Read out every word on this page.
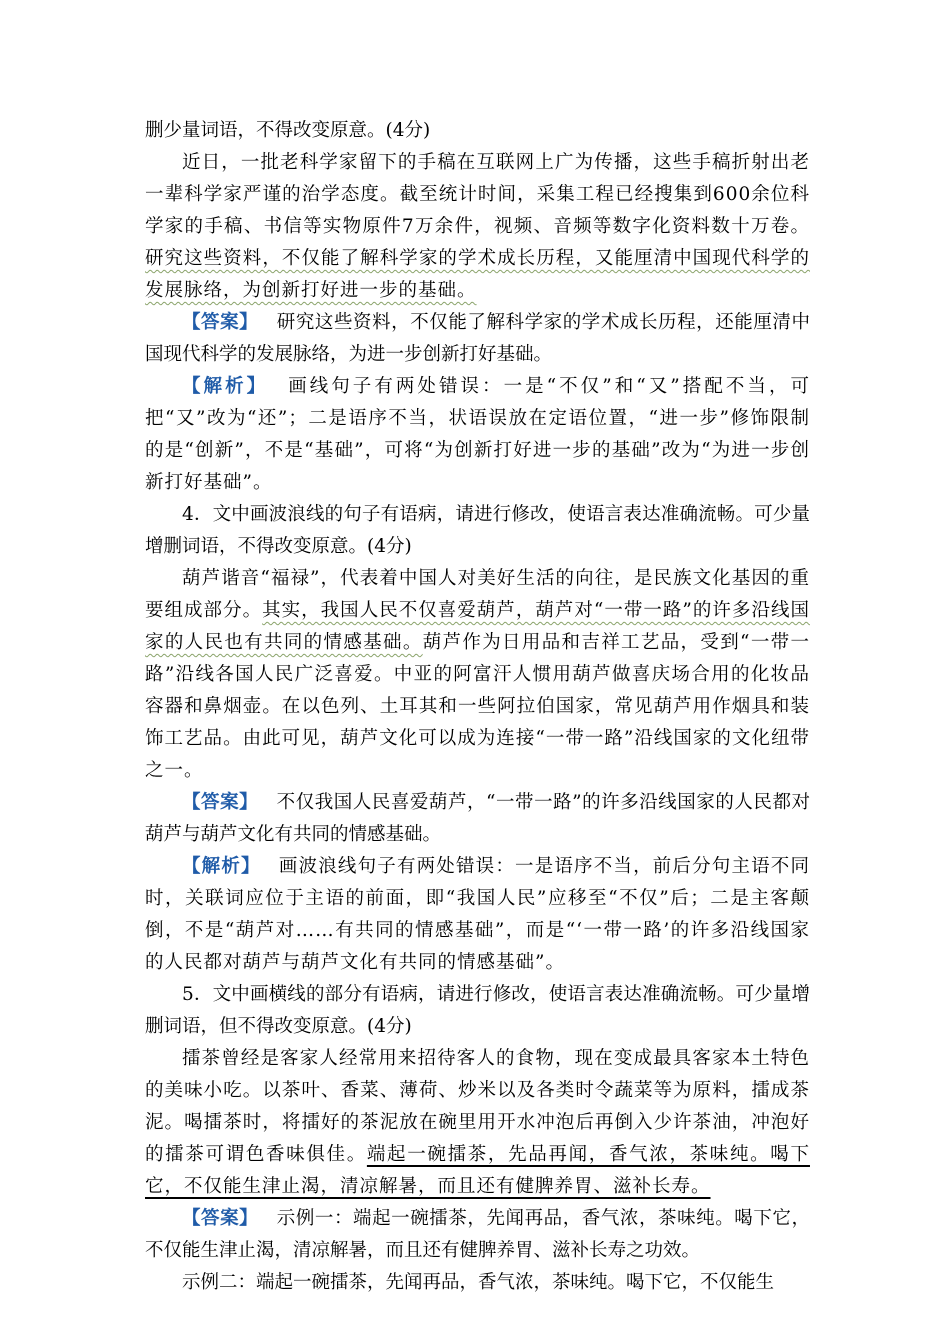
删少量词语，不得改变原意。(4分)

近日，一批老科学家留下的手稿在互联网上广为传播，这些手稿折射出老一辈科学家严谨的治学态度。截至统计时间，采集工程已经搜集到600余位科学家的手稿、书信等实物原件7万余件，视频、音频等数字化资料数十万卷。研究这些资料，不仅能了解科学家的学术成长历程，又能厘清中国现代科学的发展脉络，为创新打好进一步的基础。

【答案】 研究这些资料，不仅能了解科学家的学术成长历程，还能厘清中国现代科学的发展脉络，为进一步创新打好基础。

【解析】 画线句子有两处错误：一是“不仅”和“又”搭配不当，可把“又”改为“还”；二是语序不当，状语误放在定语位置，“进一步”修饰限制的是“创新”，不是“基础”，可将“为创新打好进一步的基础”改为“为进一步创新打好基础”。

4．文中画波浪线的句子有语病，请进行修改，使语言表达准确流畅。可少量增删词语，不得改变原意。(4分)

葫芦谐音“福禄”，代表着中国人对美好生活的向往，是民族文化基因的重要组成部分。其实，我国人民不仅喜爱葫芦，葫芦对“一带一路”的许多沿线国家的人民也有共同的情感基础。葫芦作为日用品和吉祥工艺品，受到“一带一路”沿线各国人民广泛喜爱。中亚的阿富汗人惯用葫芦做喜庆场合用的化妆品容器和鼻烟壶。在以色列、土耳其和一些阿拉伯国家，常见葫芦用作烟具和装饰工艺品。由此可见，葫芦文化可以成为连接“一带一路”沿线国家的文化纽带之一。

【答案】 不仅我国人民喜爱葫芦，“一带一路”的许多沿线国家的人民都对葫芦与葫芦文化有共同的情感基础。

【解析】 画波浪线句子有两处错误：一是语序不当，前后分句主语不同时，关联词应位于主语的前面，即“我国人民”应移至“不仅”后；二是主客颠倒，不是“葫芦对……有共同的情感基础”，而是“‘一带一路’的许多沿线国家的人民都对葫芦与葫芦文化有共同的情感基础”。

5．文中画横线的部分有语病，请进行修改，使语言表达准确流畅。可少量增删词语，但不得改变原意。(4分)

擂茶曾经是客家人经常用来招待客人的食物，现在变成最具客家本土特色的美味小吃。以茶叶、香菜、薄荷、炒米以及各类时令蔬菜等为原料，擂成茶泥。喝擂茶时，将擂好的茶泥放在碗里用开水冲泡后再倒入少许茶油，冲泡好的擂茶可谓色香味俱佳。端起一碗擂茶，先品再闻，香气浓，茶味纯。喝下它，不仅能生津止渴，清凉解暑，而且还有健脾养胃、滋补长寿。

【答案】 示例一：端起一碗擂茶，先闻再品，香气浓，茶味纯。喝下它，不仅能生津止渴，清凉解暑，而且还有健脾养胃、滋补长寿之功效。

示例二：端起一碗擂茶，先闻再品，香气浓，茶味纯。喝下它，不仅能生
